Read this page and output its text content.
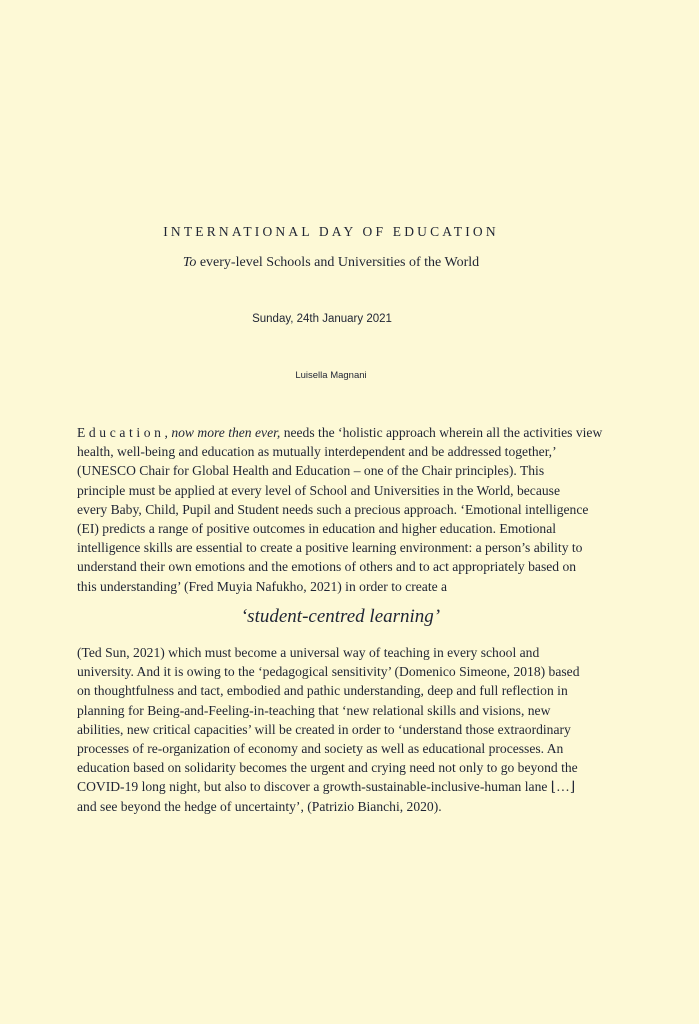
INTERNATIONAL DAY OF EDUCATION
To every-level Schools and Universities of the World
Sunday, 24th January 2021
Luisella Magnani
Education, now more then ever, needs the ‘holistic approach wherein all the activities view
health, well-being and education as mutually interdependent and be addressed together,’
(UNESCO Chair for Global Health and Education – one of the Chair principles). This
principle must be applied at every level of School and Universities in the World, because
every Baby, Child, Pupil and Student needs such a precious approach. ‘Emotional intelligence
(EI) predicts a range of positive outcomes in education and higher education. Emotional
intelligence skills are essential to create a positive learning environment: a person’s ability to
understand their own emotions and the emotions of others and to act appropriately based on
this understanding’ (Fred Muyia Nafukho, 2021) in order to create a
‘student-centred learning’
(Ted Sun, 2021) which must become a universal way of teaching in every school and
university. And it is owing to the ‘pedagogical sensitivity’ (Domenico Simeone, 2018) based
on thoughtfulness and tact, embodied and pathic understanding, deep and full reflection in
planning for Being-and-Feeling-in-teaching that ‘new relational skills and visions, new
abilities, new critical capacities’ will be created in order to ‘understand those extraordinary
processes of re-organization of economy and society as well as educational processes. An
education based on solidarity becomes the urgent and crying need not only to go beyond the
COVID-19 long night, but also to discover a growth-sustainable-inclusive-human lane ⌊…⌋
and see beyond the hedge of uncertainty’, (Patrizio Bianchi, 2020).
